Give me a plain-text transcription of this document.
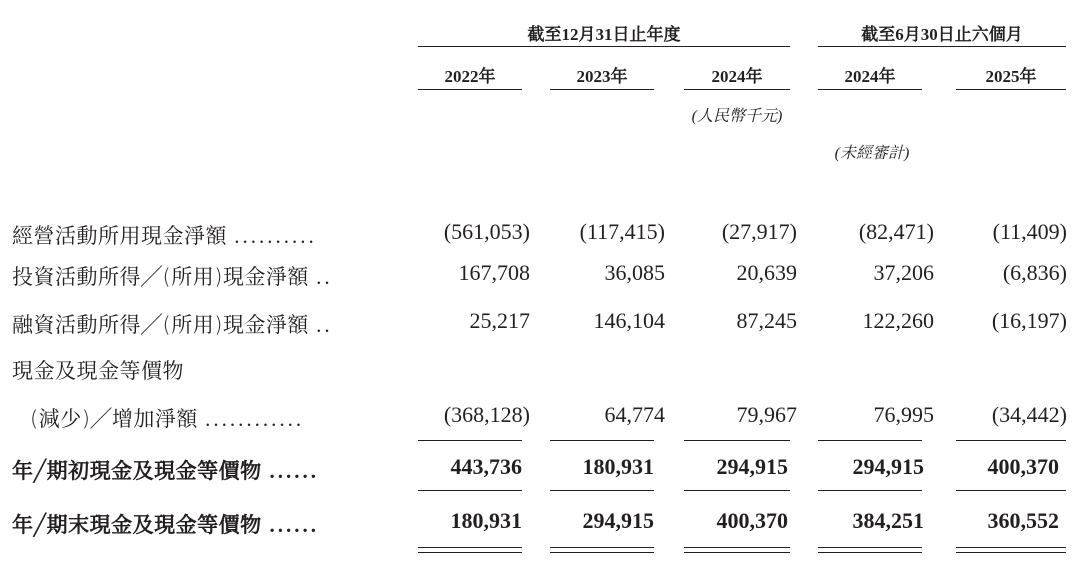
截至12月31日止年度	截至6月30日止六個月
2022年	2023年	2024年	2024年	2025年
(人民幣千元)
(未經審計)
經營活動所用現金淨額 ..........	(561,053)	(117,415)	(27,917)	(82,471)	(11,409)
投資活動所得╱(所用)現金淨額 ..	167,708	36,085	20,639	37,206	(6,836)
融資活動所得╱(所用)現金淨額 ..	25,217	146,104	87,245	122,260	(16,197)
現金及現金等價物
(減少)╱增加淨額 ............	(368,128)	64,774	79,967	76,995	(34,442)
年╱期初現金及現金等價物 ......	443,736	180,931	294,915	294,915	400,370
年╱期末現金及現金等價物 ......	180,931	294,915	400,370	384,251	360,552
